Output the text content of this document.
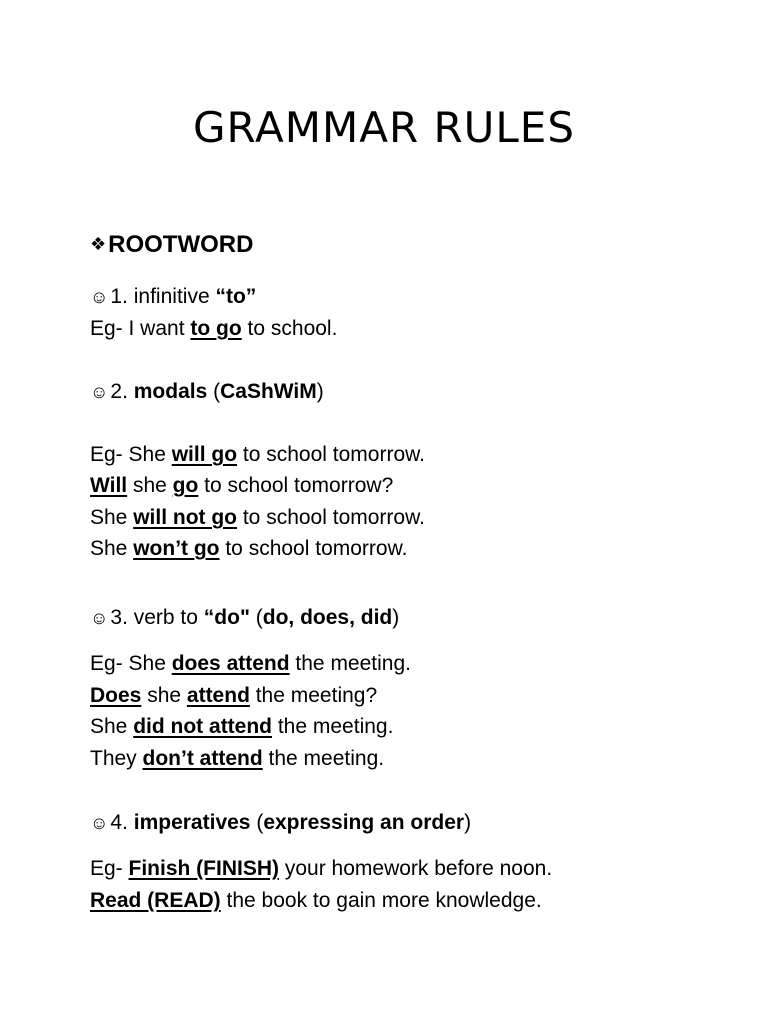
GRAMMAR RULES
❖ROOTWORD
☺1. infinitive “to”
Eg- I want to go to school.
☺2. modals (CaShWiM)
Eg- She will go to school tomorrow.
Will she go to school tomorrow?
She will not go to school tomorrow.
She won’t go to school tomorrow.
☺3. verb to “do" (do, does, did)
Eg- She does attend the meeting.
Does she attend the meeting?
She did not attend the meeting.
They don’t attend the meeting.
☺4. imperatives (expressing an order)
Eg- Finish (FINISH) your homework before noon.
Read (READ) the book to gain more knowledge.
